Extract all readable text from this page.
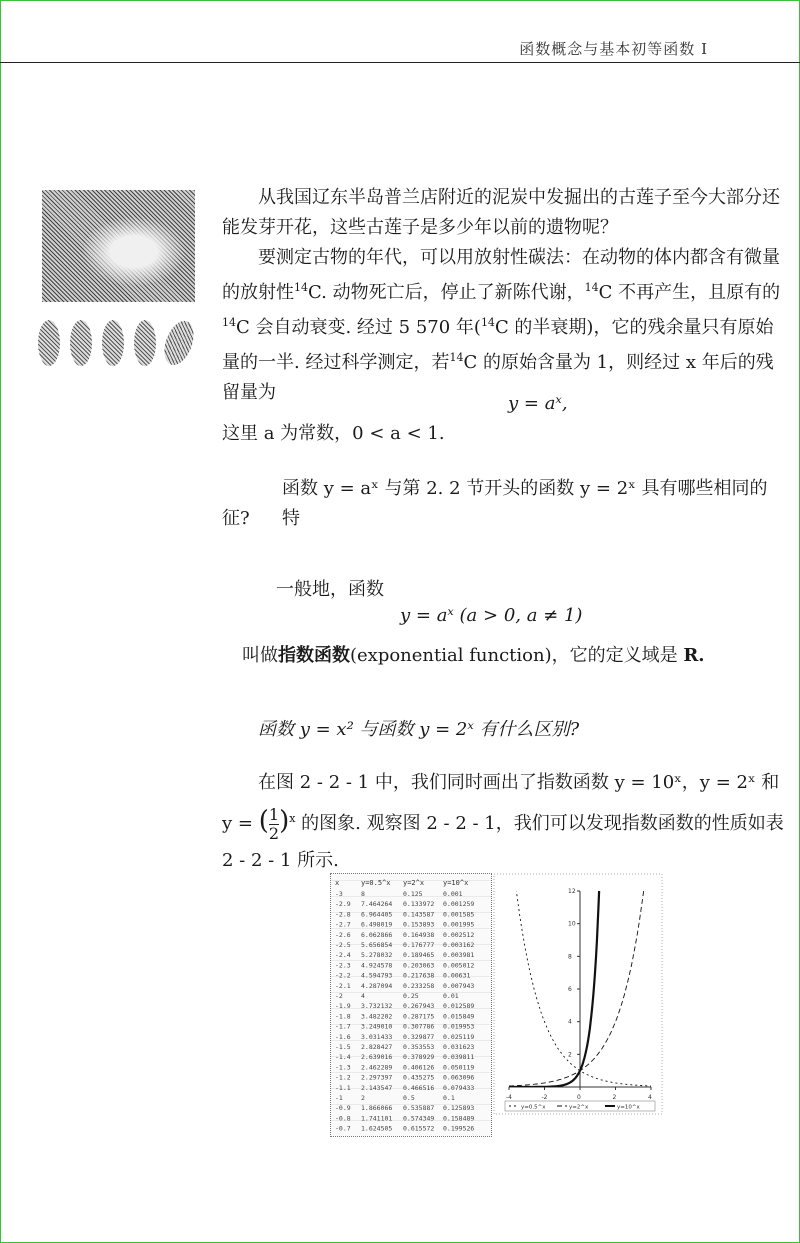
函数概念与基本初等函数 I
从我国辽东半岛普兰店附近的泥炭中发掘出的古莲子至今大部分还能发芽开花，这些古莲子是多少年以前的遗物呢？
要测定古物的年代，可以用放射性碳法：在动物的体内都含有微量的放射性$^{14}$C. 动物死亡后，停止了新陈代谢，$^{14}$C 不再产生，且原有的$^{14}$C 会自动衰变. 经过 5 570 年($^{14}$C 的半衰期)，它的残余量只有原始量的一半. 经过科学测定，若$^{14}$C 的原始含量为 1，则经过 x 年后的残留量为
y = aˣ,
这里 a 为常数，0 < a < 1.
函数 y = aˣ 与第 2. 2 节开头的函数 y = 2ˣ 具有哪些相同的特
征?
一般地，函数
y = aˣ (a > 0, a ≠ 1)
叫做指数函数(exponential function)，它的定义域是 R.
函数 y = x² 与函数 y = 2ˣ 有什么区别?
在图 2 - 2 - 1 中，我们同时画出了指数函数 y = 10ˣ，y = 2ˣ 和
y = ( $\frac{1}{2} )^x$ 的图象. 观察图 2 - 2 - 1，我们可以发现指数函数的性质如表
2 - 2 - 1 所示.
x	y=0.5^x y=2^x	y=10^x
-3	8	0.125	0.001
-2.9 7.464264 0.133972 0.001259
-2.8 6.964405 0.143587 0.001585
-2.7 6.498019 0.153893 0.001995
-2.6 6.062866 0.164938 0.002512
-2.5 5.656854 0.176777 0.003162
-2.4 5.278032 0.189465 0.003981
-2.3 4.924578 0.203063 0.005012
-2.2 4.594793 0.217638 0.00631
-2.1 4.287094 0.233258 0.007943
-2	4	0.25	0.01
-1.9 3.732132 0.267943 0.012589
-1.8 3.482202 0.287175 0.015849
-1.7 3.249010 0.307786 0.019953
-1.6 3.031433 0.329877 0.025119
-1.5 2.828427 0.353553 0.031623
-1.4 2.639016 0.378929 0.039811
-1.3 2.462289 0.406126 0.050119
-1.2 2.297397 0.435275 0.063096
-1.1 2.143547 0.466516 0.079433
-1	2	0.5	0.1
-0.9 1.866066 0.535887 0.125893
-0.8 1.741101 0.574349 0.158489
-0.7 1.624505 0.615572 0.199526
-4	-2	0	2	4
2
4
6
8
10
12
y=0.5^x	y=2^x	y=10^x
